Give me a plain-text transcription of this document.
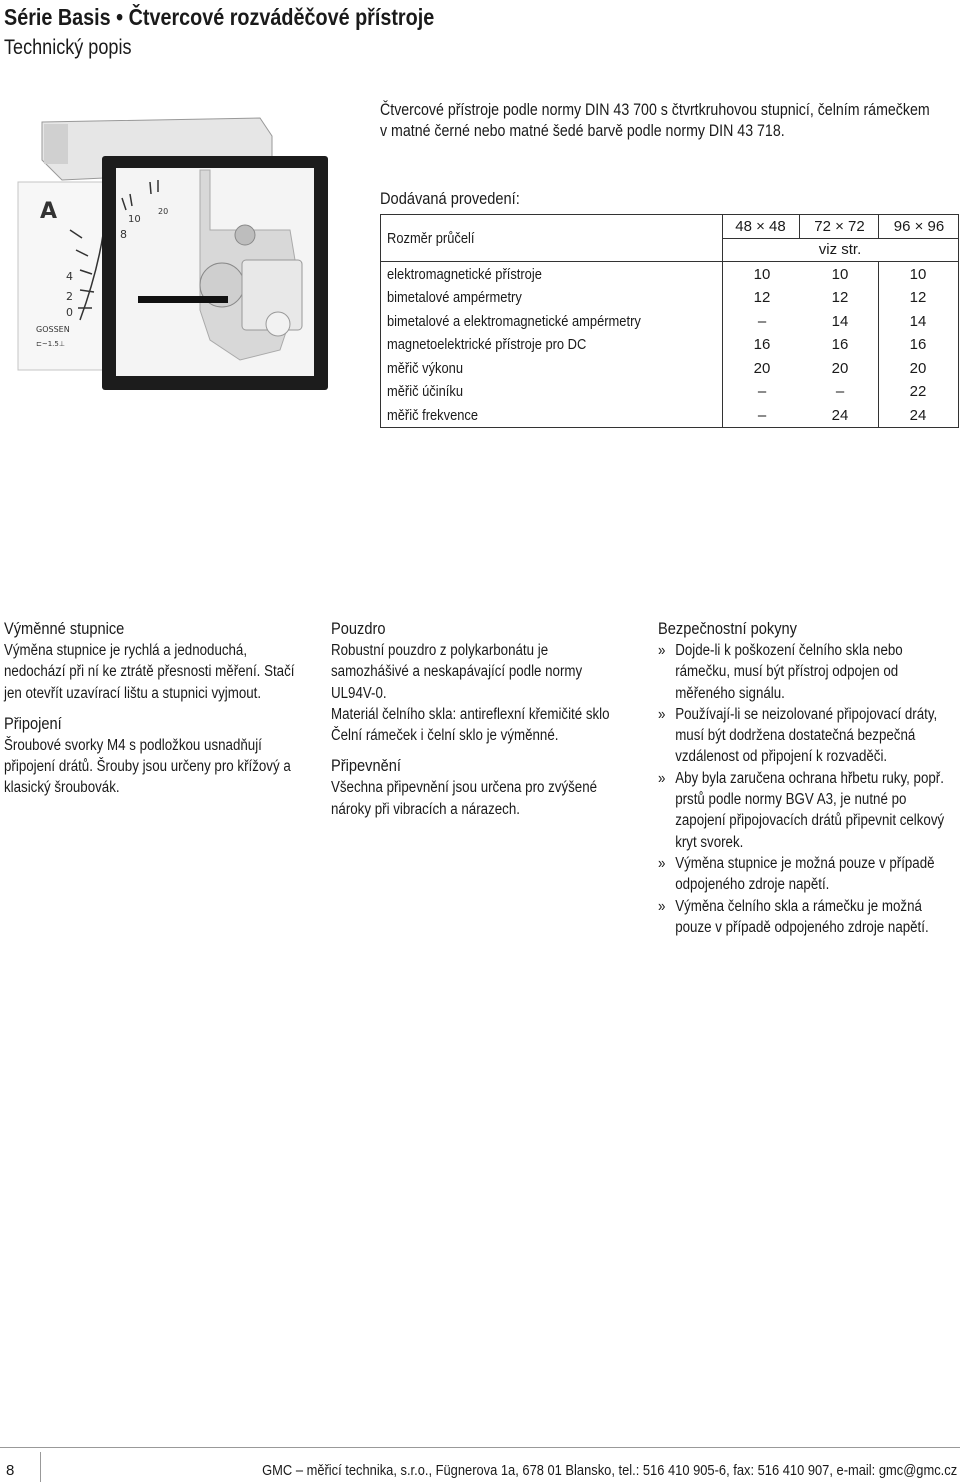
Série Basis • Čtvercové rozváděčové přístroje
Technický popis
A
4
2
0
GOSSEN
⊏~1.5⊥
8
10
20
Čtvercové přístroje podle normy DIN 43 700 s čtvrtkruhovou stupnicí, čelním rámečkem v matné černé nebo matné šedé barvě podle normy DIN 43 718.
Dodávaná provedení:
Rozměr průčelí
48 × 48	72 × 72	96 × 96
viz str.
elektromagnetické přístroje	10	10	10
bimetalové ampérmetry	12	12	12
bimetalové a elektromagnetické ampérmetry	–	14	14
magnetoelektrické přístroje pro DC	16	16	16
měřič výkonu	20	20	20
měřič účiníku	–	–	22
měřič frekvence	–	24	24
Výměnné stupnice

Výměna stupnice je rychlá a jednoduchá, nedochází při ní ke ztrátě přesnosti měření. Stačí jen otevřít uzavírací lištu a stupnici vyjmout.

Připojení

Šroubové svorky M4 s podložkou usnadňují připojení drátů. Šrouby jsou určeny pro křížový a klasický šroubovák.

Pouzdro

Robustní pouzdro z polykarbonátu je samozhášivé a neskapávající podle normy UL94V-0.

Materiál čelního skla: antireflexní křemičité sklo

Čelní rámeček i čelní sklo je výměnné.

Připevnění

Všechna připevnění jsou určena pro zvýšené nároky při vibracích a nárazech.

Bezpečnostní pokyny
» Dojde-li k poškození čelního skla nebo rámečku, musí být přístroj odpojen od měřeného signálu.
» Používají-li se neizolované připojovací dráty, musí být dodržena dostatečná bezpečná vzdálenost od připojení k rozvaděči.
» Aby byla zaručena ochrana hřbetu ruky, popř. prstů podle normy BGV A3, je nutné po zapojení připojovacích drátů připevnit celkový kryt svorek.
» Výměna stupnice je možná pouze v případě odpojeného zdroje napětí.
» Výměna čelního skla a rámečku je možná pouze v případě odpojeného zdroje napětí.
8	GMC – měřicí technika, s.r.o., Fügnerova 1a, 678 01 Blansko, tel.: 516 410 905-6, fax: 516 410 907, e-mail: gmc@gmc.cz
